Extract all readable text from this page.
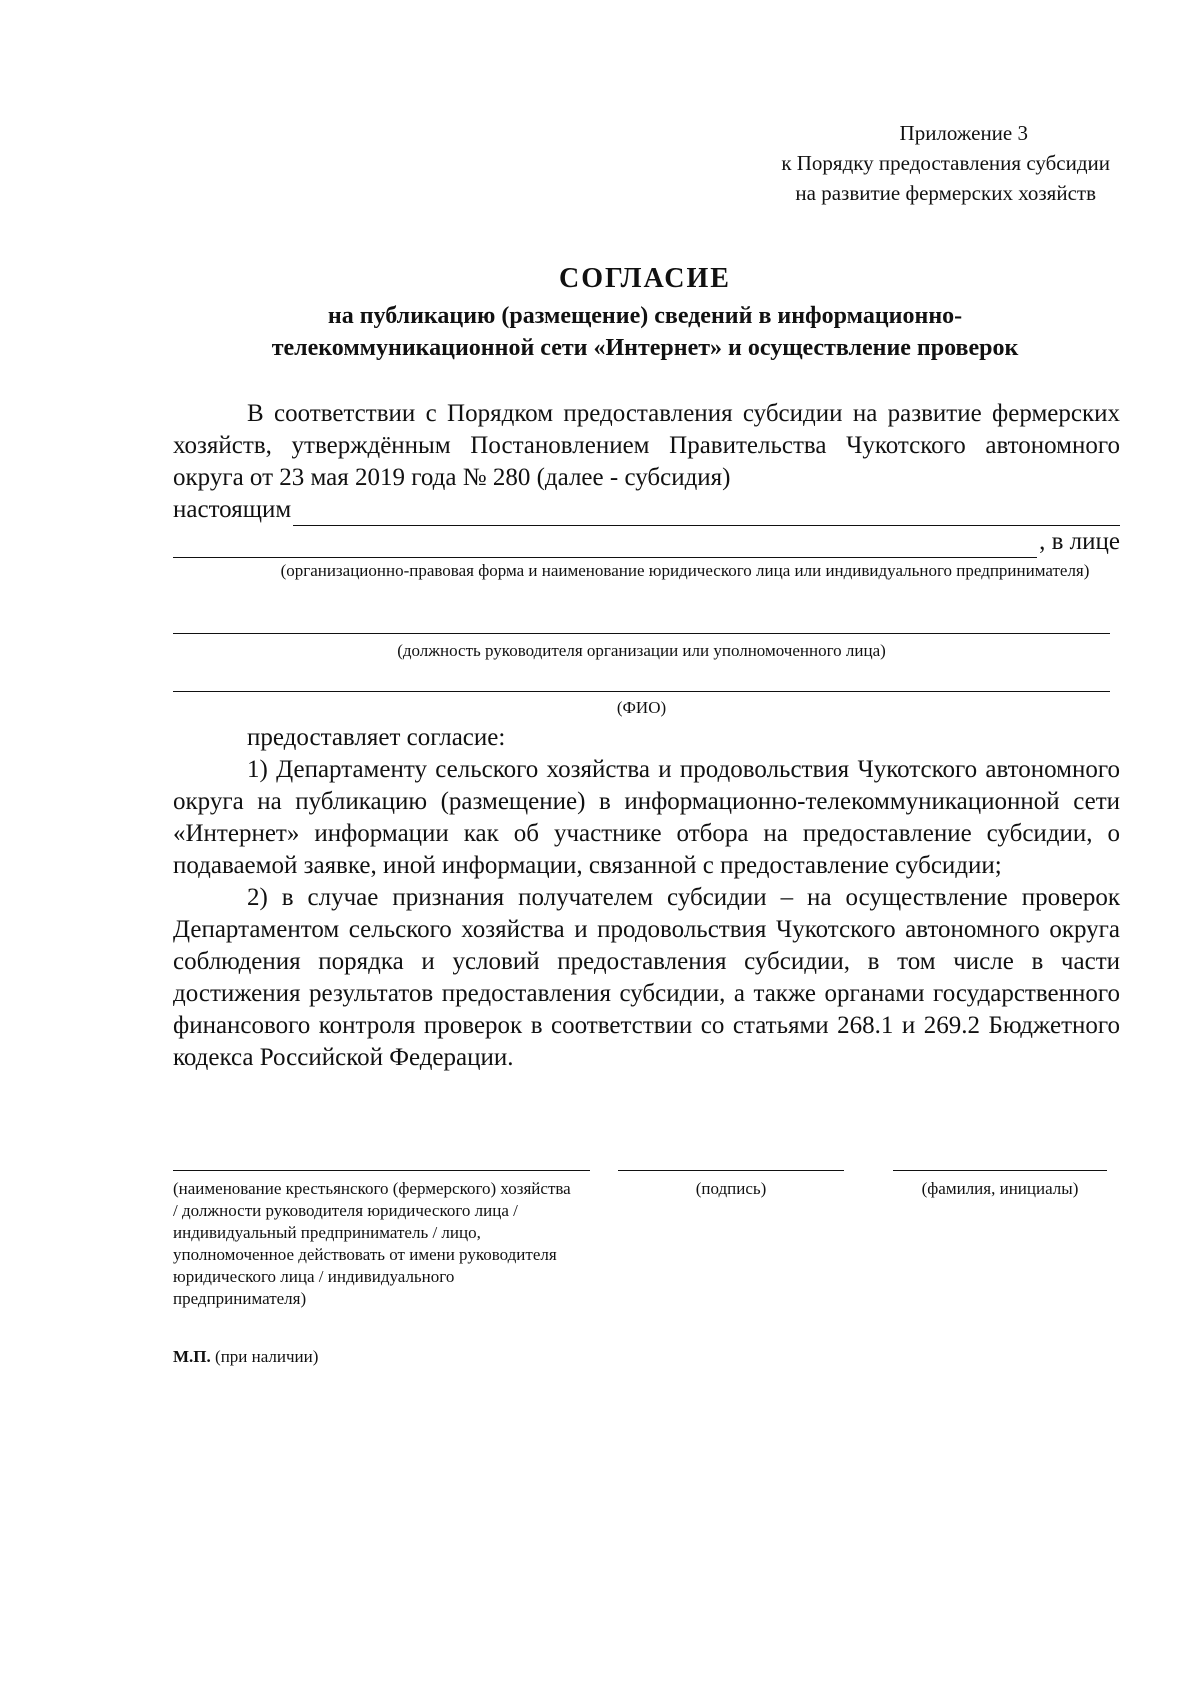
Приложение 3
к Порядку предоставления субсидии
на развитие фермерских хозяйств
СОГЛАСИЕ
на публикацию (размещение) сведений в информационно-
телекоммуникационной сети «Интернет» и осуществление проверок

В соответствии с Порядком предоставления субсидии на развитие фермерских хозяйств, утверждённым Постановлением Правительства Чукотского автономного округа от 23 мая 2019 года № 280 (далее - субсидия)

настоящим
, в лице
(организационно-правовая форма и наименование юридического лица или индивидуального предпринимателя)
(должность руководителя организации или уполномоченного лица)
(ФИО)

предоставляет согласие:

1) Департаменту сельского хозяйства и продовольствия Чукотского автономного округа на публикацию (размещение) в информационно-телекоммуникационной сети «Интернет» информации как об участнике отбора на предоставление субсидии, о подаваемой заявке, иной информации, связанной с предоставление субсидии;

2) в случае признания получателем субсидии – на осуществление проверок Департаментом сельского хозяйства и продовольствия Чукотского автономного округа соблюдения порядка и условий предоставления субсидии, в том числе в части достижения результатов предоставления субсидии, а также органами государственного финансового контроля проверок в соответствии со статьями 268.1 и 269.2 Бюджетного кодекса Российской Федерации.

(наименование крестьянского (фермерского) хозяйства / должности руководителя юридического лица / индивидуальный предприниматель / лицо, уполномоченное действовать от имени руководителя юридического лица / индивидуального предпринимателя)
(подпись)	(фамилия, инициалы)
М.П. (при наличии)
